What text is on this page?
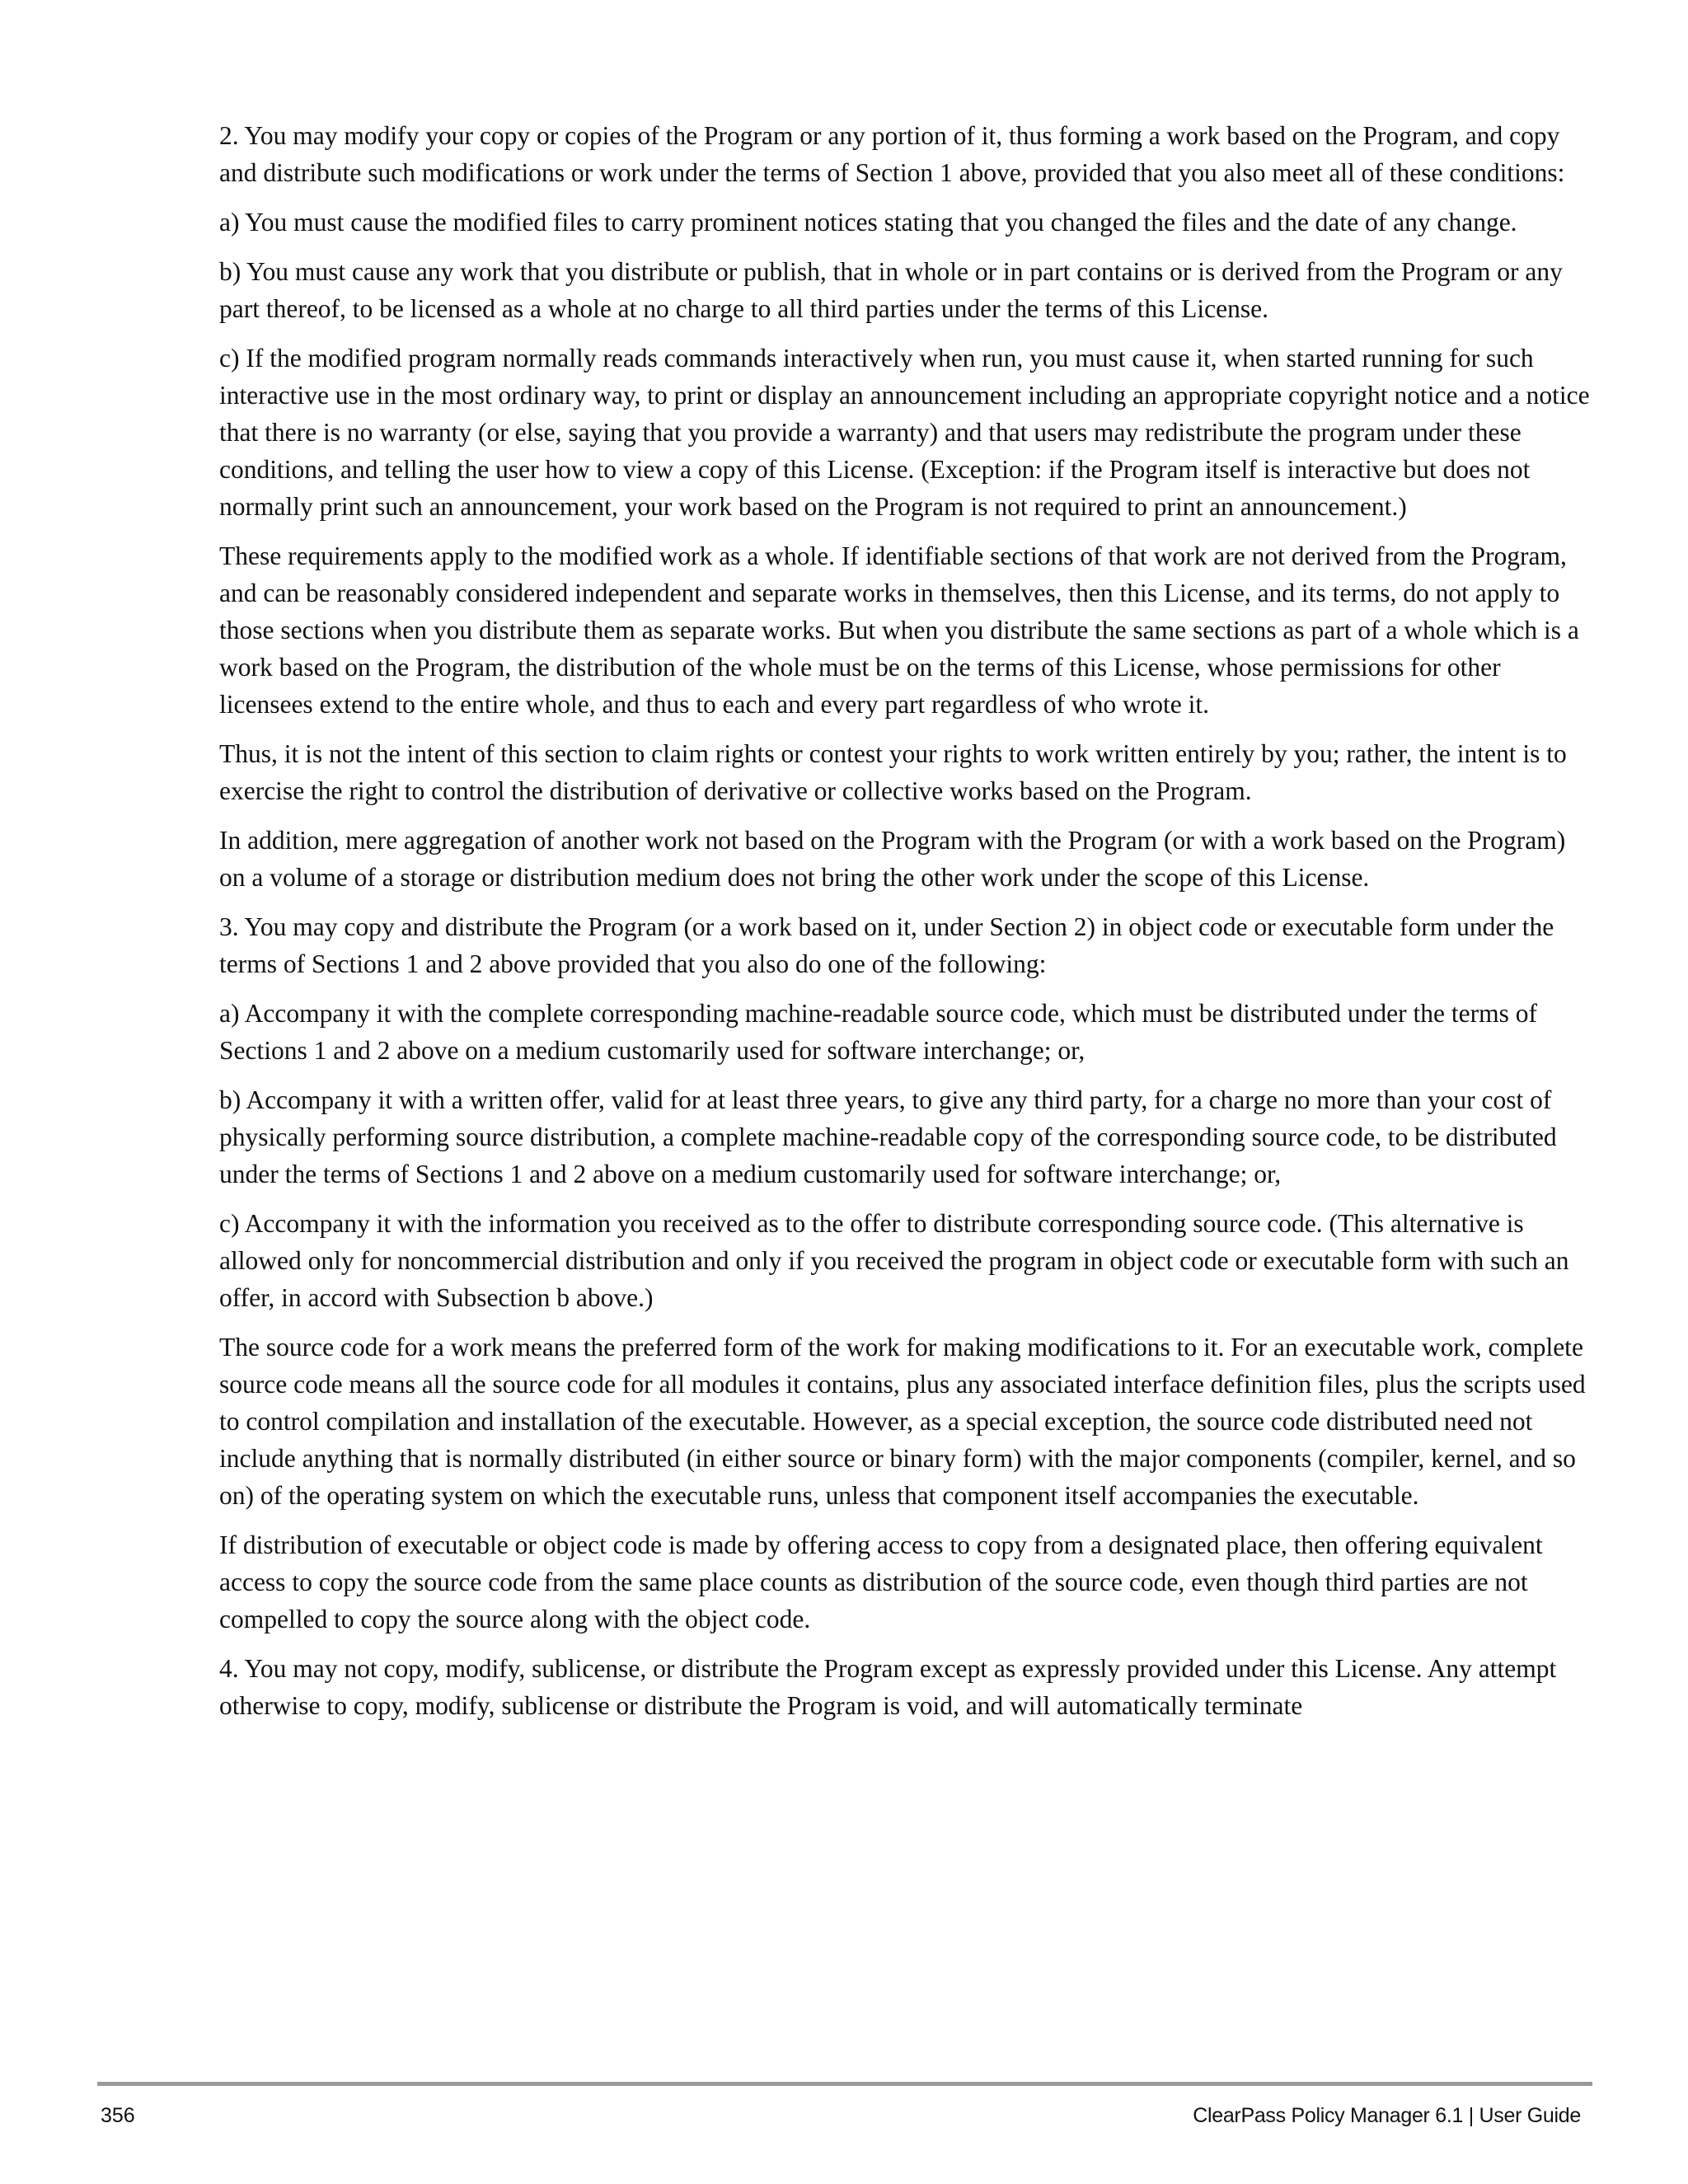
2. You may modify your copy or copies of the Program or any portion of it, thus forming a work based on the Program, and copy and distribute such modifications or work under the terms of Section 1 above, provided that you also meet all of these conditions:

a) You must cause the modified files to carry prominent notices stating that you changed the files and the date of any change.

b) You must cause any work that you distribute or publish, that in whole or in part contains or is derived from the Program or any part thereof, to be licensed as a whole at no charge to all third parties under the terms of this License.

c) If the modified program normally reads commands interactively when run, you must cause it, when started running for such interactive use in the most ordinary way, to print or display an announcement including an appropriate copyright notice and a notice that there is no warranty (or else, saying that you provide a warranty) and that users may redistribute the program under these conditions, and telling the user how to view a copy of this License. (Exception: if the Program itself is interactive but does not normally print such an announcement, your work based on the Program is not required to print an announcement.)

These requirements apply to the modified work as a whole. If identifiable sections of that work are not derived from the Program, and can be reasonably considered independent and separate works in themselves, then this License, and its terms, do not apply to those sections when you distribute them as separate works. But when you distribute the same sections as part of a whole which is a work based on the Program, the distribution of the whole must be on the terms of this License, whose permissions for other licensees extend to the entire whole, and thus to each and every part regardless of who wrote it.

Thus, it is not the intent of this section to claim rights or contest your rights to work written entirely by you; rather, the intent is to exercise the right to control the distribution of derivative or collective works based on the Program.

In addition, mere aggregation of another work not based on the Program with the Program (or with a work based on the Program) on a volume of a storage or distribution medium does not bring the other work under the scope of this License.

3. You may copy and distribute the Program (or a work based on it, under Section 2) in object code or executable form under the terms of Sections 1 and 2 above provided that you also do one of the following:

a) Accompany it with the complete corresponding machine-readable source code, which must be distributed under the terms of Sections 1 and 2 above on a medium customarily used for software interchange; or,

b) Accompany it with a written offer, valid for at least three years, to give any third party, for a charge no more than your cost of physically performing source distribution, a complete machine-readable copy of the corresponding source code, to be distributed under the terms of Sections 1 and 2 above on a medium customarily used for software interchange; or,

c) Accompany it with the information you received as to the offer to distribute corresponding source code. (This alternative is allowed only for noncommercial distribution and only if you received the program in object code or executable form with such an offer, in accord with Subsection b above.)

The source code for a work means the preferred form of the work for making modifications to it. For an executable work, complete source code means all the source code for all modules it contains, plus any associated interface definition files, plus the scripts used to control compilation and installation of the executable. However, as a special exception, the source code distributed need not include anything that is normally distributed (in either source or binary form) with the major components (compiler, kernel, and so on) of the operating system on which the executable runs, unless that component itself accompanies the executable.

If distribution of executable or object code is made by offering access to copy from a designated place, then offering equivalent access to copy the source code from the same place counts as distribution of the source code, even though third parties are not compelled to copy the source along with the object code.

4. You may not copy, modify, sublicense, or distribute the Program except as expressly provided under this License. Any attempt otherwise to copy, modify, sublicense or distribute the Program is void, and will automatically terminate

356	ClearPass Policy Manager 6.1 | User Guide
